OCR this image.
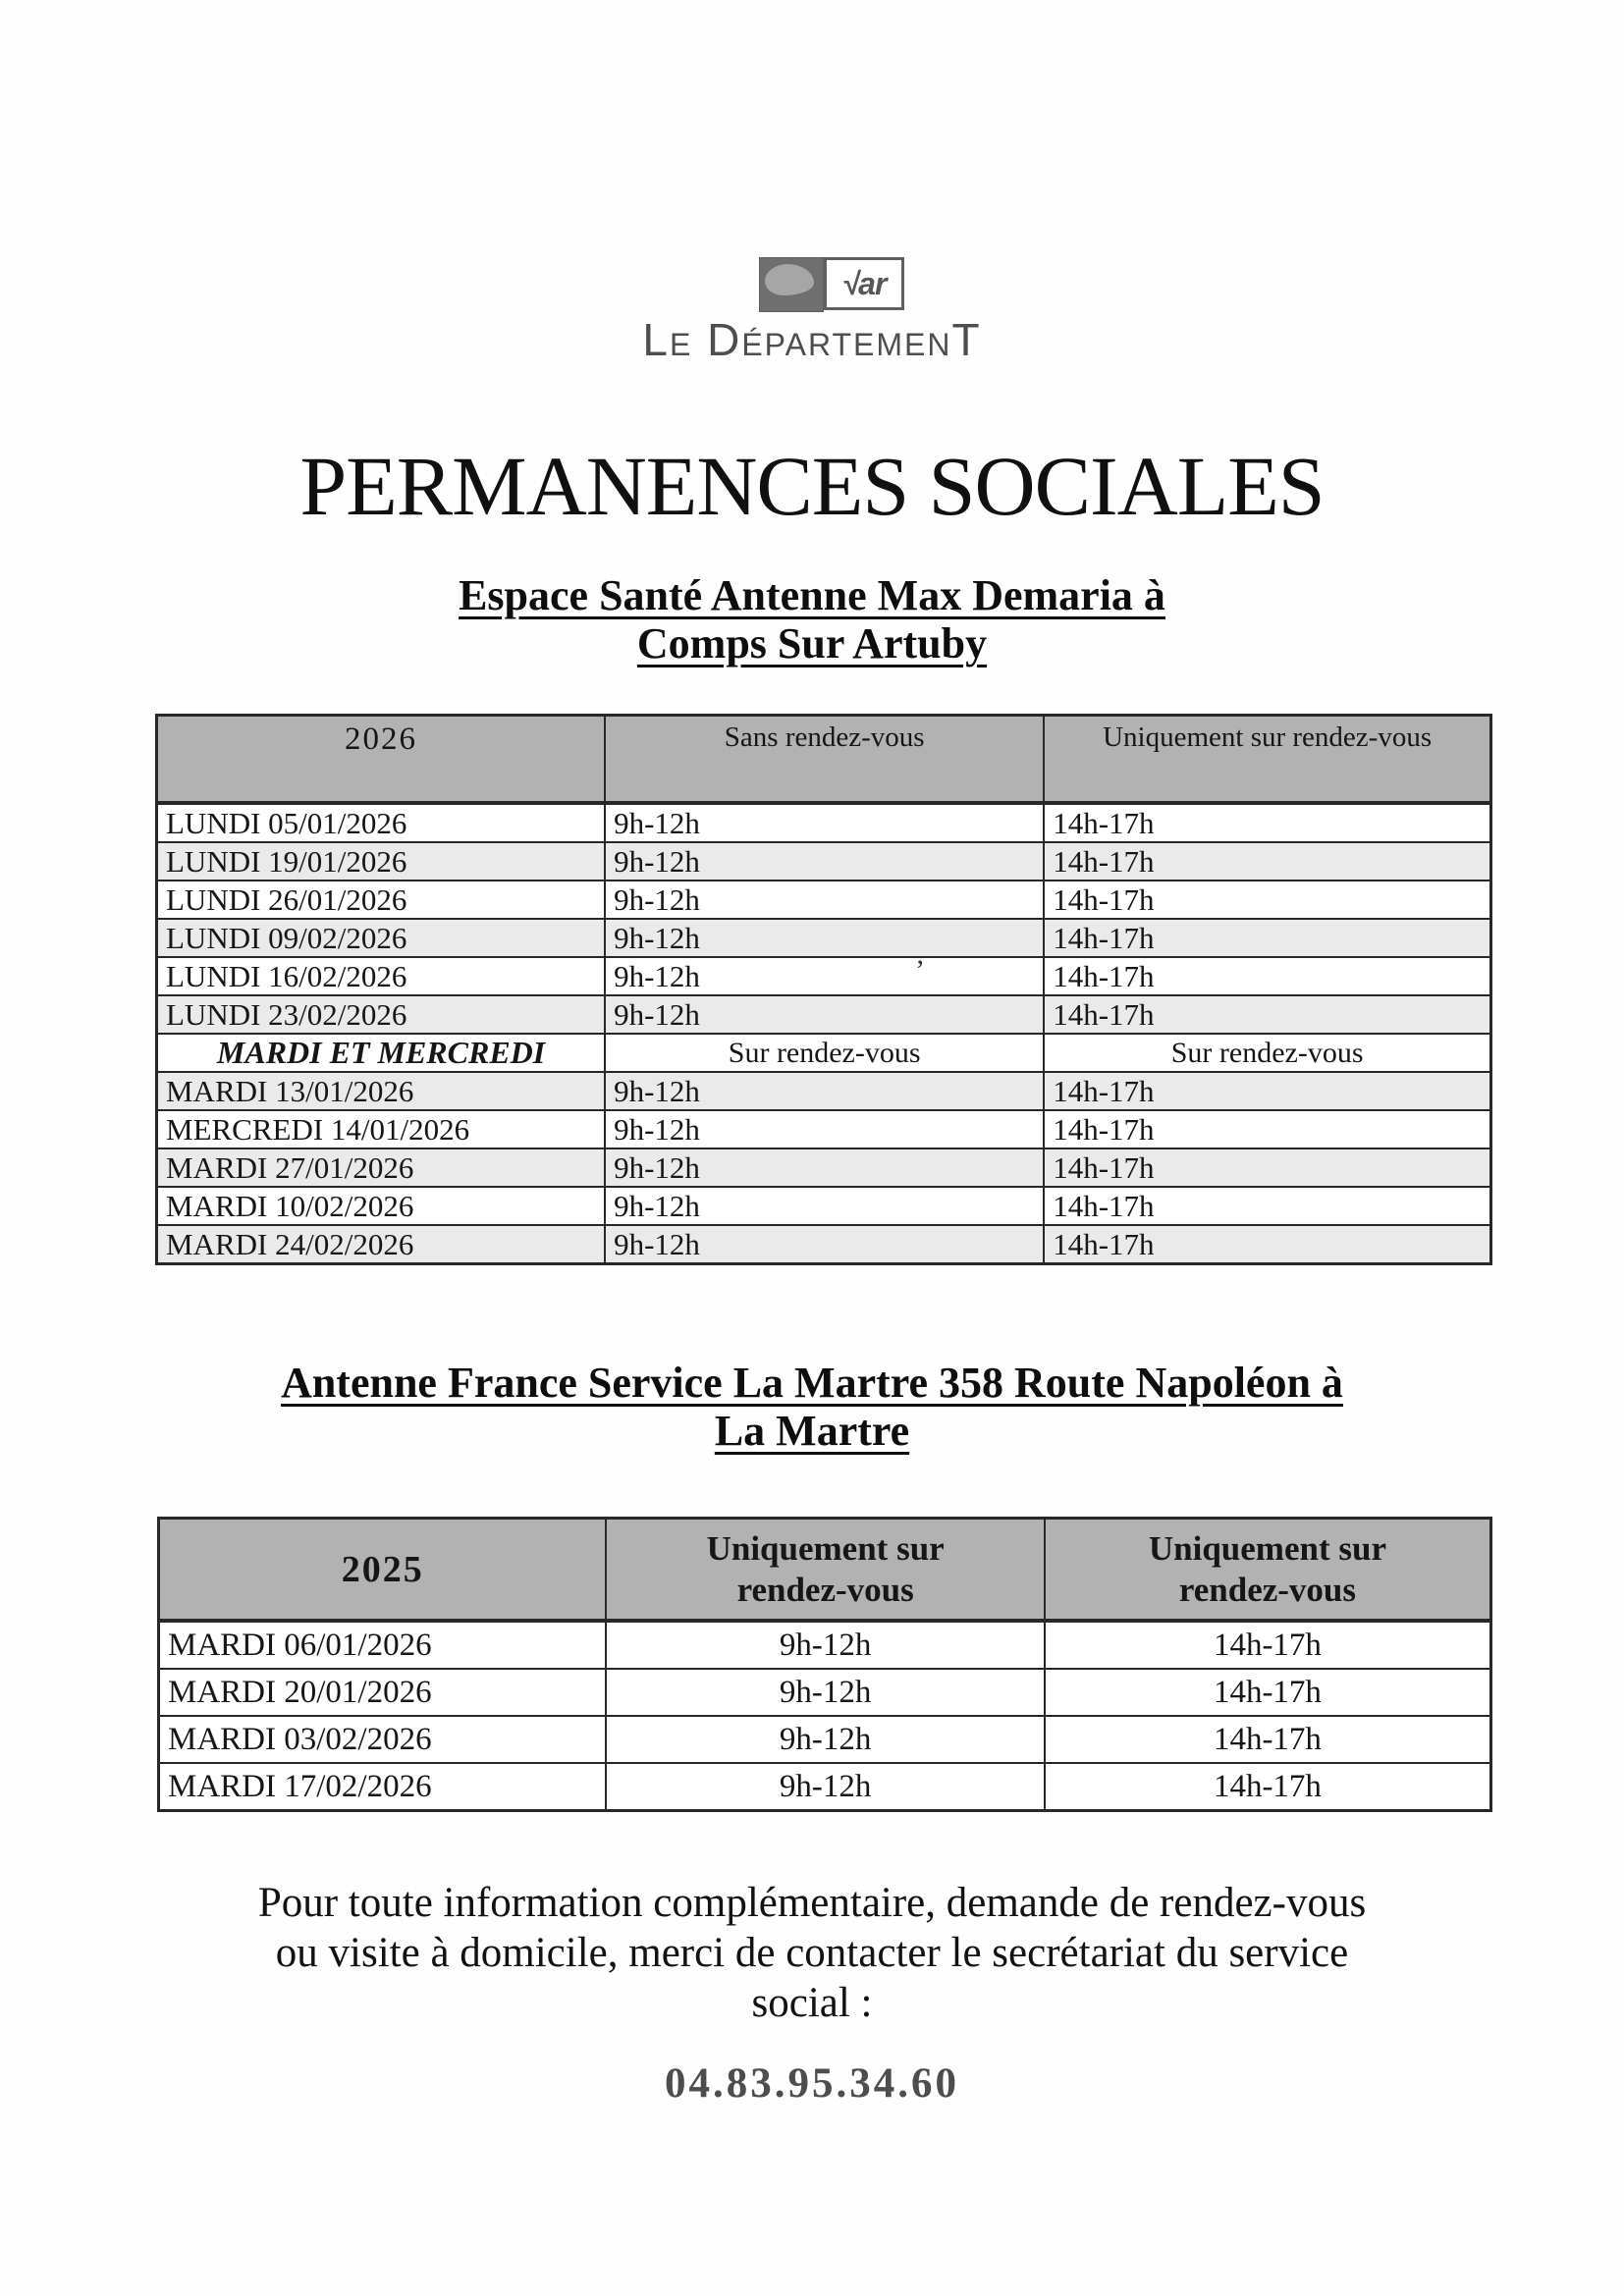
√ar
Le DépartemenT
PERMANENCES SOCIALES
Espace Santé Antenne Max Demaria à
Comps Sur Artuby
2026	Sans rendez-vous	Uniquement sur rendez-vous
LUNDI 05/01/2026	9h-12h	14h-17h
LUNDI 19/01/2026	9h-12h	14h-17h
LUNDI 26/01/2026	9h-12h	14h-17h
LUNDI 09/02/2026	9h-12h	14h-17h
LUNDI 16/02/2026	9h-12h	14h-17h
LUNDI 23/02/2026	9h-12h	14h-17h
MARDI ET MERCREDI	Sur rendez-vous	Sur rendez-vous
MARDI 13/01/2026	9h-12h	14h-17h
MERCREDI 14/01/2026	9h-12h	14h-17h
MARDI 27/01/2026	9h-12h	14h-17h
MARDI 10/02/2026	9h-12h	14h-17h
MARDI 24/02/2026	9h-12h	14h-17h
Antenne France Service La Martre 358 Route Napoléon à
La Martre
2025	Uniquement sur rendez-vous	Uniquement sur rendez-vous
MARDI 06/01/2026	9h-12h	14h-17h
MARDI 20/01/2026	9h-12h	14h-17h
MARDI 03/02/2026	9h-12h	14h-17h
MARDI 17/02/2026	9h-12h	14h-17h
Pour toute information complémentaire, demande de rendez-vous
ou visite à domicile, merci de contacter le secrétariat du service
social :
04.83.95.34.60
’
